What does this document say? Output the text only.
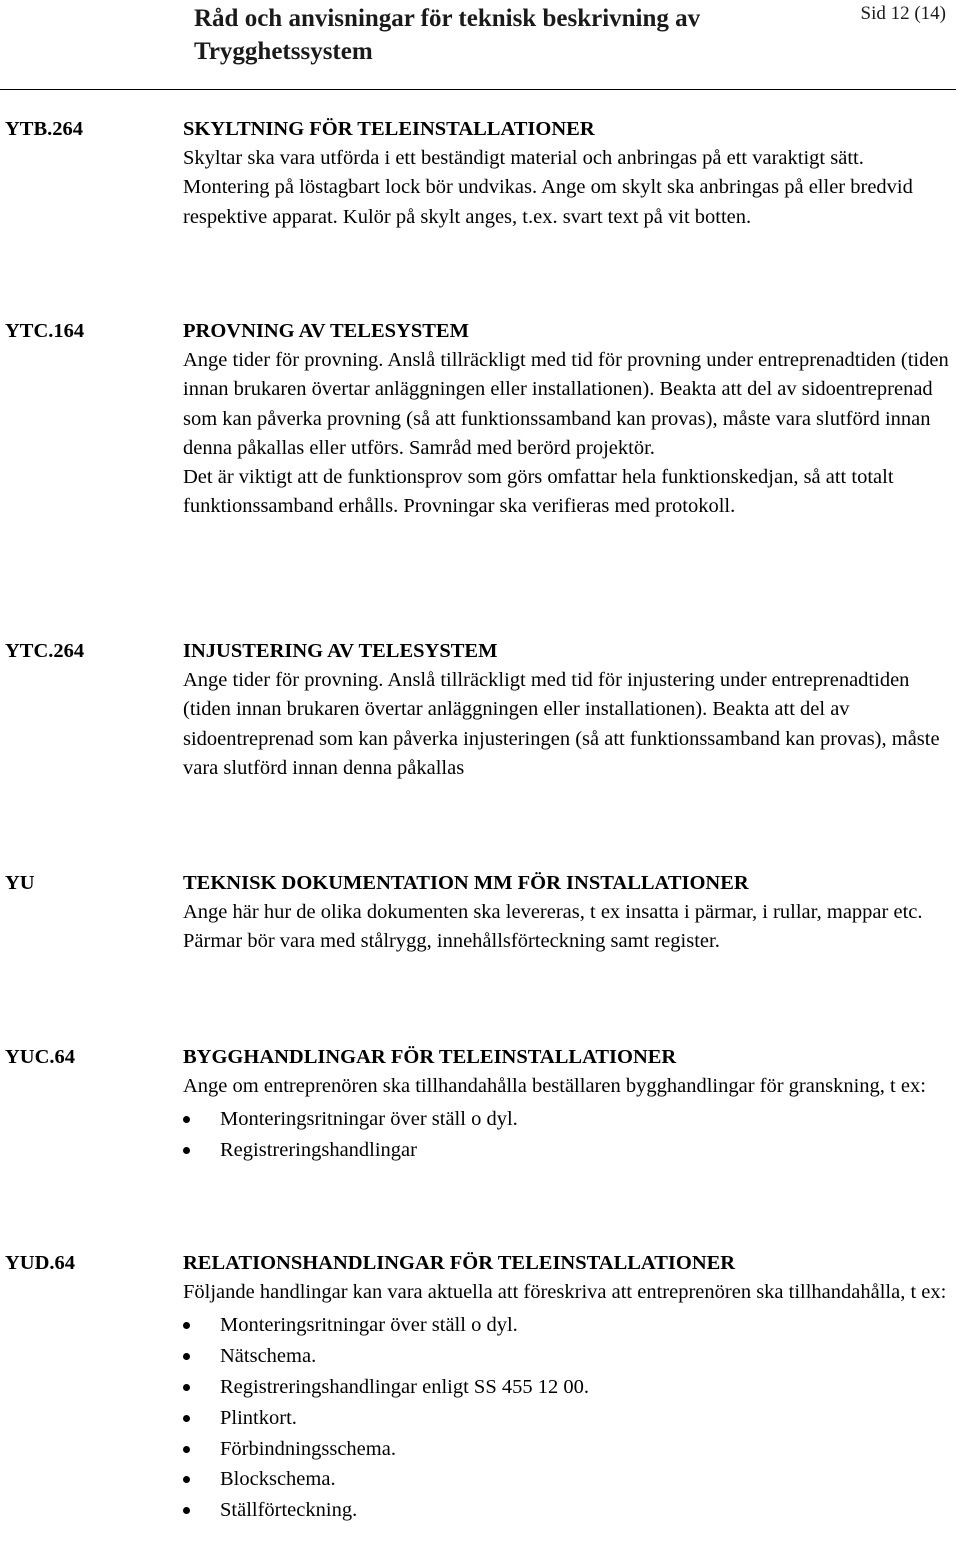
Råd och anvisningar för teknisk beskrivning av Trygghetssystem
Sid 12 (14)
YTB.264	SKYLTNING FÖR TELEINSTALLATIONER

Skyltar ska vara utförda i ett beständigt material och anbringas på ett varaktigt sätt. Montering på löstagbart lock bör undvikas. Ange om skylt ska anbringas på eller bredvid respektive apparat. Kulör på skylt anges, t.ex. svart text på vit botten.

YTC.164	PROVNING AV TELESYSTEM

Ange tider för provning. Anslå tillräckligt med tid för provning under entreprenadtiden (tiden innan brukaren övertar anläggningen eller installationen). Beakta att del av sidoentreprenad som kan påverka provning (så att funktionssamband kan provas), måste vara slutförd innan denna påkallas eller utförs. Samråd med berörd projektör.

Det är viktigt att de funktionsprov som görs omfattar hela funktionskedjan, så att totalt funktionssamband erhålls. Provningar ska verifieras med protokoll.

YTC.264	INJUSTERING AV TELESYSTEM

Ange tider för provning. Anslå tillräckligt med tid för injustering under entreprenadtiden (tiden innan brukaren övertar anläggningen eller installationen). Beakta att del av sidoentreprenad som kan påverka injusteringen (så att funktionssamband kan provas), måste vara slutförd innan denna påkallas

YU	TEKNISK DOKUMENTATION MM FÖR INSTALLATIONER

Ange här hur de olika dokumenten ska levereras, t ex insatta i pärmar, i rullar, mappar etc. Pärmar bör vara med stålrygg, innehållsförteckning samt register.

YUC.64	BYGGHANDLINGAR FÖR TELEINSTALLATIONER

Ange om entreprenören ska tillhandahålla beställaren bygghandlingar för granskning, t ex:

Monteringsritningar över ställ o dyl.
Registreringshandlingar
YUD.64	RELATIONSHANDLINGAR FÖR TELEINSTALLATIONER

Följande handlingar kan vara aktuella att föreskriva att entreprenören ska tillhandahålla, t ex:

Monteringsritningar över ställ o dyl.
Nätschema.
Registreringshandlingar enligt SS 455 12 00.
Plintkort.
Förbindningsschema.
Blockschema.
Ställförteckning.
